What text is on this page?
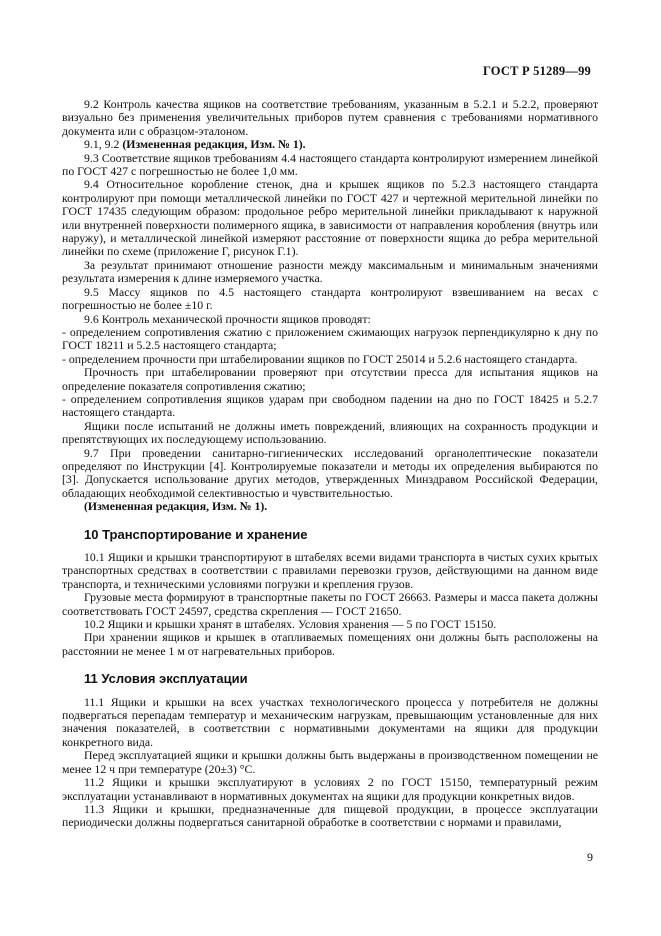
ГОСТ Р 51289—99

9.2 Контроль качества ящиков на соответствие требованиям, указанным в 5.2.1 и 5.2.2, проверяют визуально без применения увеличительных приборов путем сравнения с требованиями нормативного документа или с образцом-эталоном.

9.1, 9.2 (Измененная редакция, Изм. № 1).

9.3 Соответствие ящиков требованиям 4.4 настоящего стандарта контролируют измерением линейкой по ГОСТ 427 с погрешностью не более 1,0 мм.

9.4 Относительное коробление стенок, дна и крышек ящиков по 5.2.3 настоящего стандарта контролируют при помощи металлической линейки по ГОСТ 427 и чертежной мерительной линейки по ГОСТ 17435 следующим образом: продольное ребро мерительной линейки прикладывают к наружной или внутренней поверхности полимерного ящика, в зависимости от направления коробления (внутрь или наружу), и металлической линейкой измеряют расстояние от поверхности ящика до ребра мерительной линейки по схеме (приложение Г, рисунок Г.1).

За результат принимают отношение разности между максимальным и минимальным значениями результата измерения к длине измеряемого участка.

9.5 Массу ящиков по 4.5 настоящего стандарта контролируют взвешиванием на весах с погрешностью не более ±10 г.

9.6 Контроль механической прочности ящиков проводят:

- определением сопротивления сжатию с приложением сжимающих нагрузок перпендикулярно к дну по ГОСТ 18211 и 5.2.5 настоящего стандарта;

- определением прочности при штабелировании ящиков по ГОСТ 25014 и 5.2.6 настоящего стандарта.

Прочность при штабелировании проверяют при отсутствии пресса для испытания ящиков на определение показателя сопротивления сжатию;

- определением сопротивления ящиков ударам при свободном падении на дно по ГОСТ 18425 и 5.2.7 настоящего стандарта.

Ящики после испытаний не должны иметь повреждений, влияющих на сохранность продукции и препятствующих их последующему использованию.

9.7 При проведении санитарно-гигиенических исследований органолептические показатели определяют по Инструкции [4]. Контролируемые показатели и методы их определения выбираются по [3]. Допускается использование других методов, утвержденных Минздравом Российской Федерации, обладающих необходимой селективностью и чувствительностью.

(Измененная редакция, Изм. № 1).

10 Транспортирование и хранение

10.1 Ящики и крышки транспортируют в штабелях всеми видами транспорта в чистых сухих крытых транспортных средствах в соответствии с правилами перевозки грузов, действующими на данном виде транспорта, и техническими условиями погрузки и крепления грузов.

Грузовые места формируют в транспортные пакеты по ГОСТ 26663. Размеры и масса пакета должны соответствовать ГОСТ 24597, средства скрепления — ГОСТ 21650.

10.2 Ящики и крышки хранят в штабелях. Условия хранения — 5 по ГОСТ 15150.

При хранении ящиков и крышек в отапливаемых помещениях они должны быть расположены на расстоянии не менее 1 м от нагревательных приборов.

11 Условия эксплуатации

11.1 Ящики и крышки на всех участках технологического процесса у потребителя не должны подвергаться перепадам температур и механическим нагрузкам, превышающим установленные для них значения показателей, в соответствии с нормативными документами на ящики для продукции конкретного вида.

Перед эксплуатацией ящики и крышки должны быть выдержаны в производственном помещении не менее 12 ч при температуре (20±3) °С.

11.2 Ящики и крышки эксплуатируют в условиях 2 по ГОСТ 15150, температурный режим эксплуатации устанавливают в нормативных документах на ящики для продукции конкретных видов.

11.3 Ящики и крышки, предназначенные для пищевой продукции, в процессе эксплуатации периодически должны подвергаться санитарной обработке в соответствии с нормами и правилами,

9
